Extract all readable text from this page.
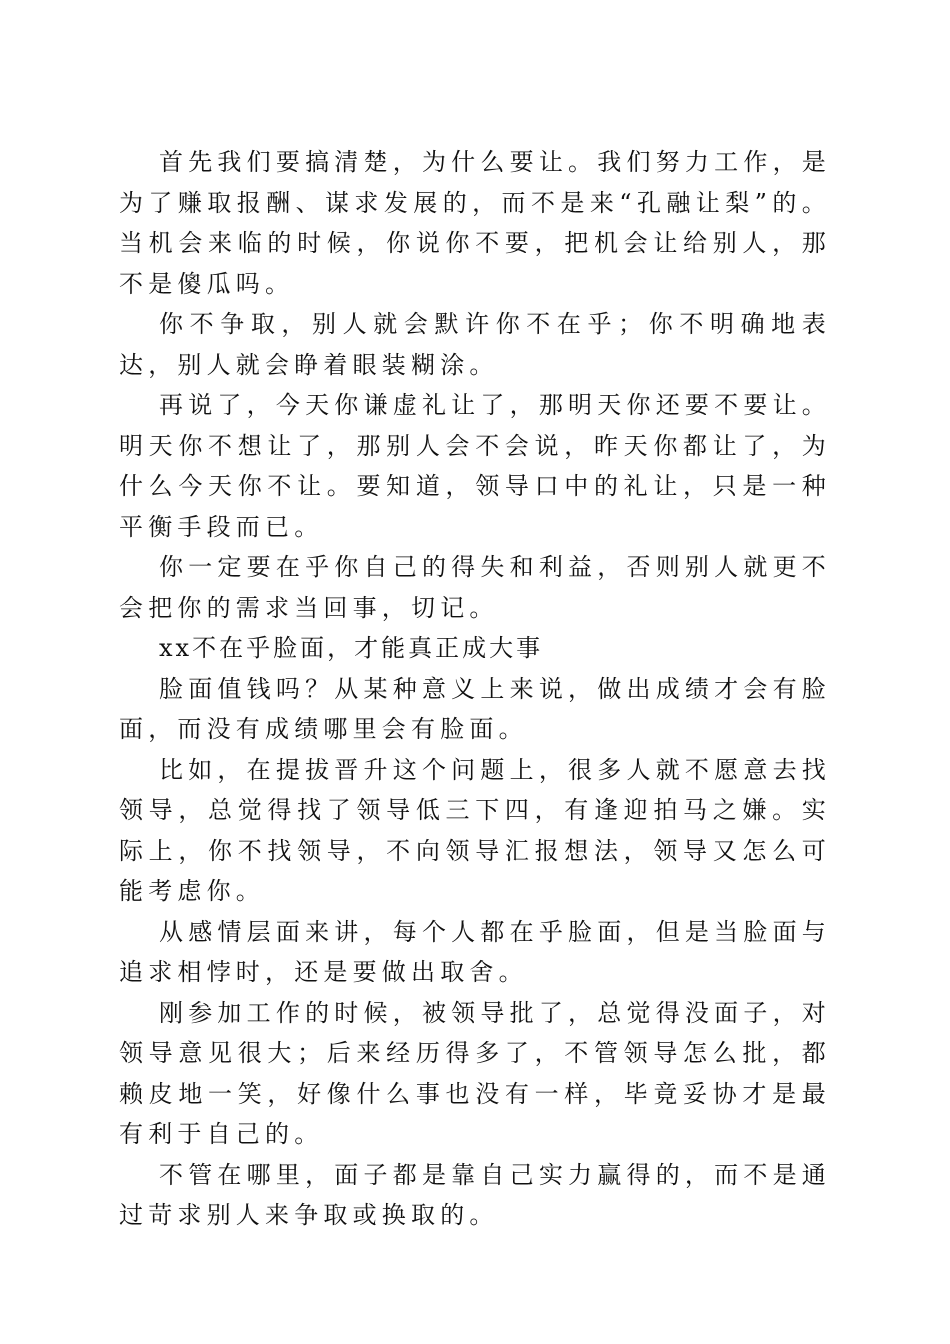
首先我们要搞清楚，为什么要让。我们努力工作，是为了赚取报酬、谋求发展的，而不是来“孔融让梨”的。当机会来临的时候，你说你不要，把机会让给别人，那不是傻瓜吗。

你不争取，别人就会默许你不在乎；你不明确地表达，别人就会睁着眼装糊涂。

再说了，今天你谦虚礼让了，那明天你还要不要让。明天你不想让了，那别人会不会说，昨天你都让了，为什么今天你不让。要知道，领导口中的礼让，只是一种平衡手段而已。

你一定要在乎你自己的得失和利益，否则别人就更不会把你的需求当回事，切记。

xx不在乎脸面，才能真正成大事

脸面值钱吗？从某种意义上来说，做出成绩才会有脸面，而没有成绩哪里会有脸面。

比如，在提拔晋升这个问题上，很多人就不愿意去找领导，总觉得找了领导低三下四，有逢迎拍马之嫌。实际上，你不找领导，不向领导汇报想法，领导又怎么可能考虑你。

从感情层面来讲，每个人都在乎脸面，但是当脸面与追求相悖时，还是要做出取舍。

刚参加工作的时候，被领导批了，总觉得没面子，对领导意见很大；后来经历得多了，不管领导怎么批，都赖皮地一笑，好像什么事也没有一样，毕竟妥协才是最有利于自己的。

不管在哪里，面子都是靠自己实力赢得的，而不是通过苛求别人来争取或换取的。
